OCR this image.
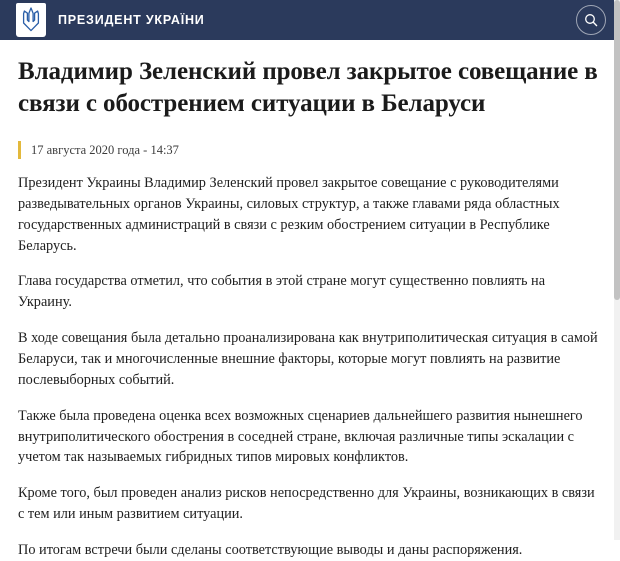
ПРЕЗИДЕНТ УКРАЇНИ
Владимир Зеленский провел закрытое совещание в связи с обострением ситуации в Беларуси
17 августа 2020 года - 14:37

Президент Украины Владимир Зеленский провел закрытое совещание с руководителями разведывательных органов Украины, силовых структур, а также главами ряда областных государственных администраций в связи с резким обострением ситуации в Республике Беларусь.

Глава государства отметил, что события в этой стране могут существенно повлиять на Украину.

В ходе совещания была детально проанализирована как внутриполитическая ситуация в самой Беларуси, так и многочисленные внешние факторы, которые могут повлиять на развитие послевыборных событий.

Также была проведена оценка всех возможных сценариев дальнейшего развития нынешнего внутриполитического обострения в соседней стране, включая различные типы эскалации с учетом так называемых гибридных типов мировых конфликтов.

Кроме того, был проведен анализ рисков непосредственно для Украины, возникающих в связи с тем или иным развитием ситуации.

По итогам встречи были сделаны соответствующие выводы и даны распоряжения.
